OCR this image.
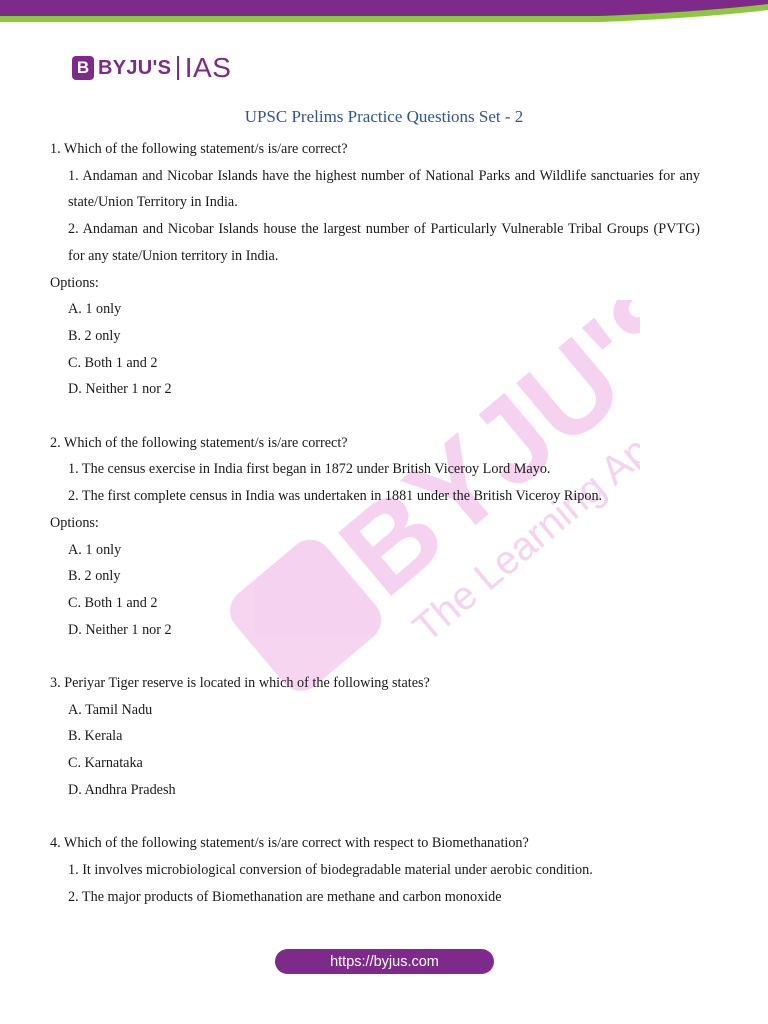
B BYJU'S IAS
UPSC Prelims Practice Questions Set - 2
BYJU'S
The Learning App
1. Which of the following statement/s is/are correct?
1. Andaman and Nicobar Islands have the highest number of National Parks and Wildlife sanctuaries for any state/Union Territory in India.
2. Andaman and Nicobar Islands house the largest number of Particularly Vulnerable Tribal Groups (PVTG) for any state/Union territory in India.
Options:
A. 1 only
B. 2 only
C. Both 1 and 2
D. Neither 1 nor 2
2. Which of the following statement/s is/are correct?
1. The census exercise in India first began in 1872 under British Viceroy Lord Mayo.
2. The first complete census in India was undertaken in 1881 under the British Viceroy Ripon.
Options:
A. 1 only
B. 2 only
C. Both 1 and 2
D. Neither 1 nor 2
3. Periyar Tiger reserve is located in which of the following states?
A. Tamil Nadu
B. Kerala
C. Karnataka
D. Andhra Pradesh
4. Which of the following statement/s is/are correct with respect to Biomethanation?
1. It involves microbiological conversion of biodegradable material under aerobic condition.
2. The major products of Biomethanation are methane and carbon monoxide
https://byjus.com
